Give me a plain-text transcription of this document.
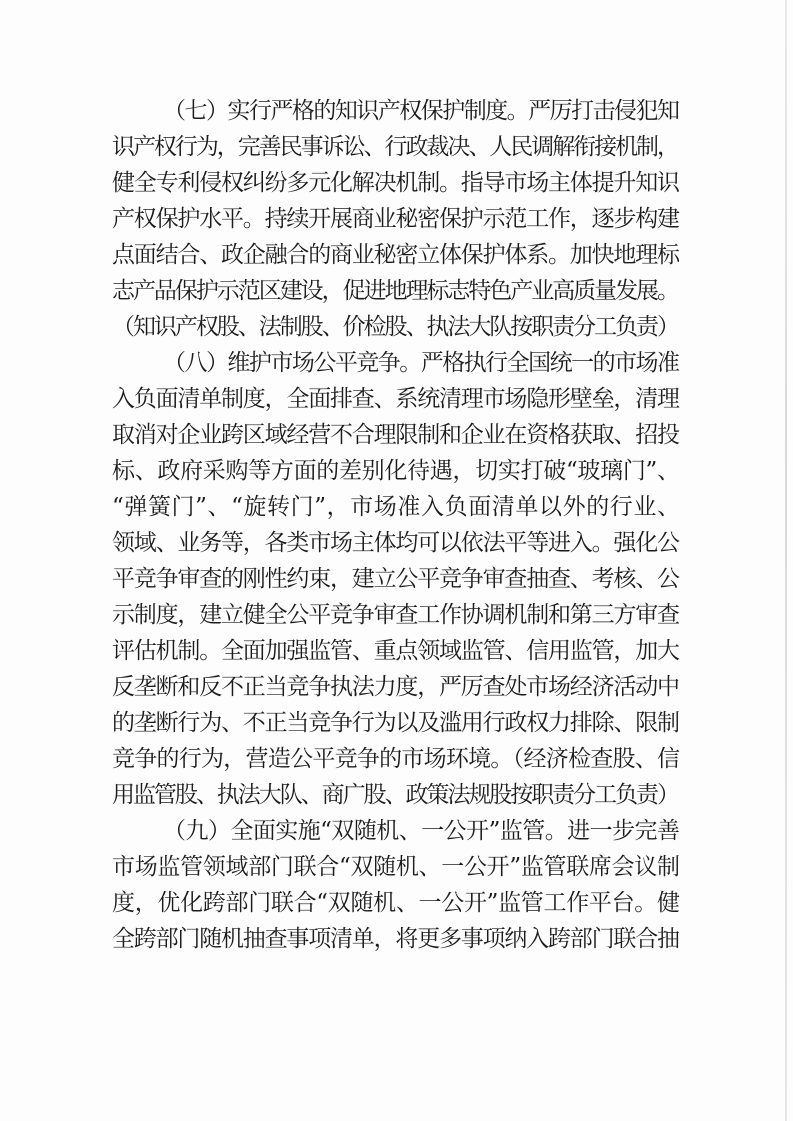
（七）实行严格的知识产权保护制度。严厉打击侵犯知
识产权行为，完善民事诉讼、行政裁决、人民调解衔接机制，
健全专利侵权纠纷多元化解决机制。指导市场主体提升知识
产权保护水平。持续开展商业秘密保护示范工作，逐步构建
点面结合、政企融合的商业秘密立体保护体系。加快地理标
志产品保护示范区建设，促进地理标志特色产业高质量发展。
（知识产权股、法制股、价检股、执法大队按职责分工负责）
（八）维护市场公平竞争。严格执行全国统一的市场准
入负面清单制度，全面排查、系统清理市场隐形壁垒，清理
取消对企业跨区域经营不合理限制和企业在资格获取、招投
标、政府采购等方面的差别化待遇，切实打破“玻璃门”、
“弹簧门”、“旋转门”，市场准入负面清单以外的行业、
领域、业务等，各类市场主体均可以依法平等进入。强化公
平竞争审查的刚性约束，建立公平竞争审查抽查、考核、公
示制度，建立健全公平竞争审查工作协调机制和第三方审查
评估机制。全面加强监管、重点领域监管、信用监管，加大
反垄断和反不正当竞争执法力度，严厉查处市场经济活动中
的垄断行为、不正当竞争行为以及滥用行政权力排除、限制
竞争的行为，营造公平竞争的市场环境。（经济检查股、信
用监管股、执法大队、商广股、政策法规股按职责分工负责）
（九）全面实施“双随机、一公开”监管。进一步完善
市场监管领域部门联合“双随机、一公开”监管联席会议制
度，优化跨部门联合“双随机、一公开”监管工作平台。健
全跨部门随机抽查事项清单，将更多事项纳入跨部门联合抽
